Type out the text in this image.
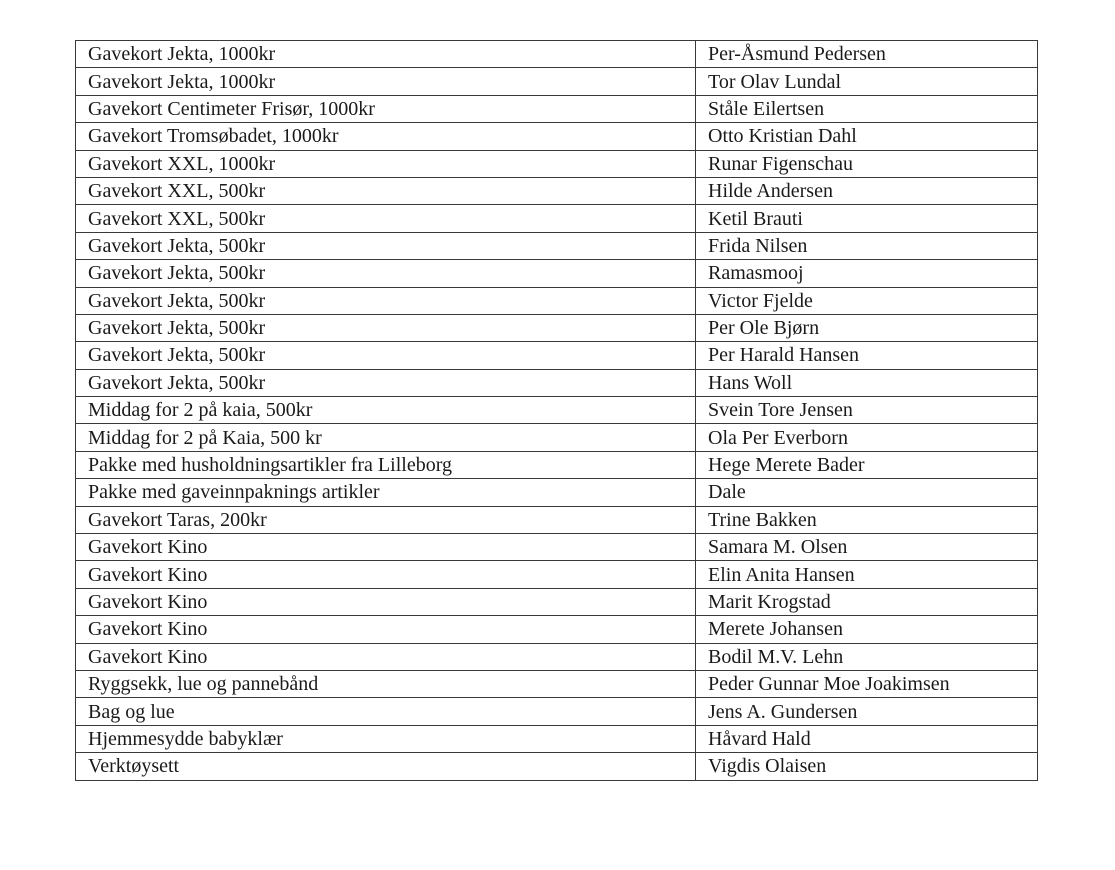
Gavekort Jekta, 1000kr	Per-Åsmund Pedersen
Gavekort Jekta, 1000kr	Tor Olav Lundal
Gavekort Centimeter Frisør, 1000kr	Ståle Eilertsen
Gavekort Tromsøbadet, 1000kr	Otto Kristian Dahl
Gavekort XXL, 1000kr	Runar Figenschau
Gavekort XXL, 500kr	Hilde Andersen
Gavekort XXL, 500kr	Ketil Brauti
Gavekort Jekta, 500kr	Frida Nilsen
Gavekort Jekta, 500kr	Ramasmooj
Gavekort Jekta, 500kr	Victor Fjelde
Gavekort Jekta, 500kr	Per Ole Bjørn
Gavekort Jekta, 500kr	Per Harald Hansen
Gavekort Jekta, 500kr	Hans Woll
Middag for 2 på kaia, 500kr	Svein Tore Jensen
Middag for 2 på Kaia, 500 kr	Ola Per Everborn
Pakke med husholdningsartikler fra Lilleborg	Hege Merete Bader
Pakke med gaveinnpaknings artikler	Dale
Gavekort Taras, 200kr	Trine Bakken
Gavekort Kino	Samara M. Olsen
Gavekort Kino	Elin Anita Hansen
Gavekort Kino	Marit Krogstad
Gavekort Kino	Merete Johansen
Gavekort Kino	Bodil M.V. Lehn
Ryggsekk, lue og pannebånd	Peder Gunnar Moe Joakimsen
Bag og lue	Jens A. Gundersen
Hjemmesydde babyklær	Håvard Hald
Verktøysett	Vigdis Olaisen
